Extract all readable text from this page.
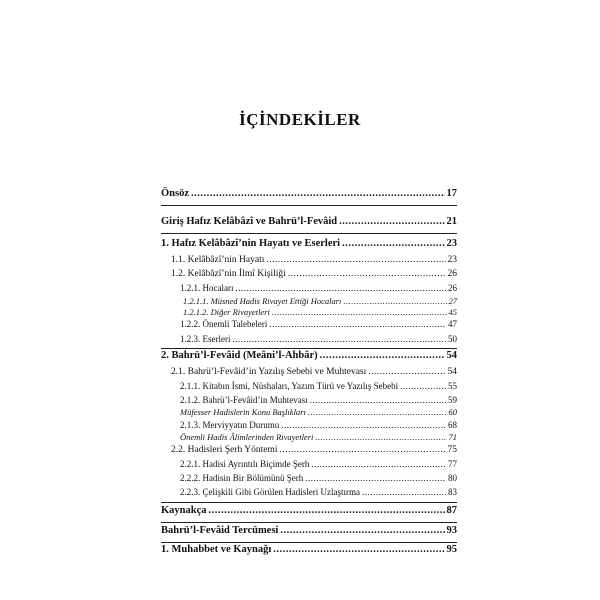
İÇİNDEKİLER
Önsöz .....	17
Giriş Hafız Kelâbâzî ve Bahrü’l-Fevâid .....	21
1. Hafız Kelâbâzî’nin Hayatı ve Eserleri .....	23
1.1. Kelâbâzî’nin Hayatı .....	23
1.2. Kelâbâzî’nin İlmî Kişiliği .....	26
1.2.1. Hocaları .....	26
1.2.1.1. Müsned Hadis Rivayet Ettiği Hocaları .....	27
1.2.1.2. Diğer Rivayetleri .....	45
1.2.2. Önemli Talebeleri .....	47
1.2.3. Eserleri .....	50
2. Bahrü’l-Fevâid (Meâni’l-Ahbâr) .....	54
2.1. Bahrü’l-Fevâid’in Yazılış Sebebi ve Muhtevası .....	54
2.1.1. Kitabın İsmi, Nüshaları, Yazım Türü ve Yazılış Sebebi .....	55
2.1.2. Bahrü’l-Fevâid’in Muhtevası .....	59
Müfesser Hadislerin Konu Başlıkları .....	60
2.1.3. Merviyyatın Durumu .....	68
Önemli Hadis Âlimlerinden Rivayetleri .....	71
2.2. Hadisleri Şerh Yöntemi .....	75
2.2.1. Hadisi Ayrıntılı Biçimde Şerh .....	77
2.2.2. Hadisin Bir Bölümünü Şerh .....	80
2.2.3. Çelişkili Gibi Görülen Hadisleri Uzlaştırma .....	83
Kaynakça .....	87
Bahrü’l-Fevâid Tercümesi .....	93
1. Muhabbet ve Kaynağı .....	95
